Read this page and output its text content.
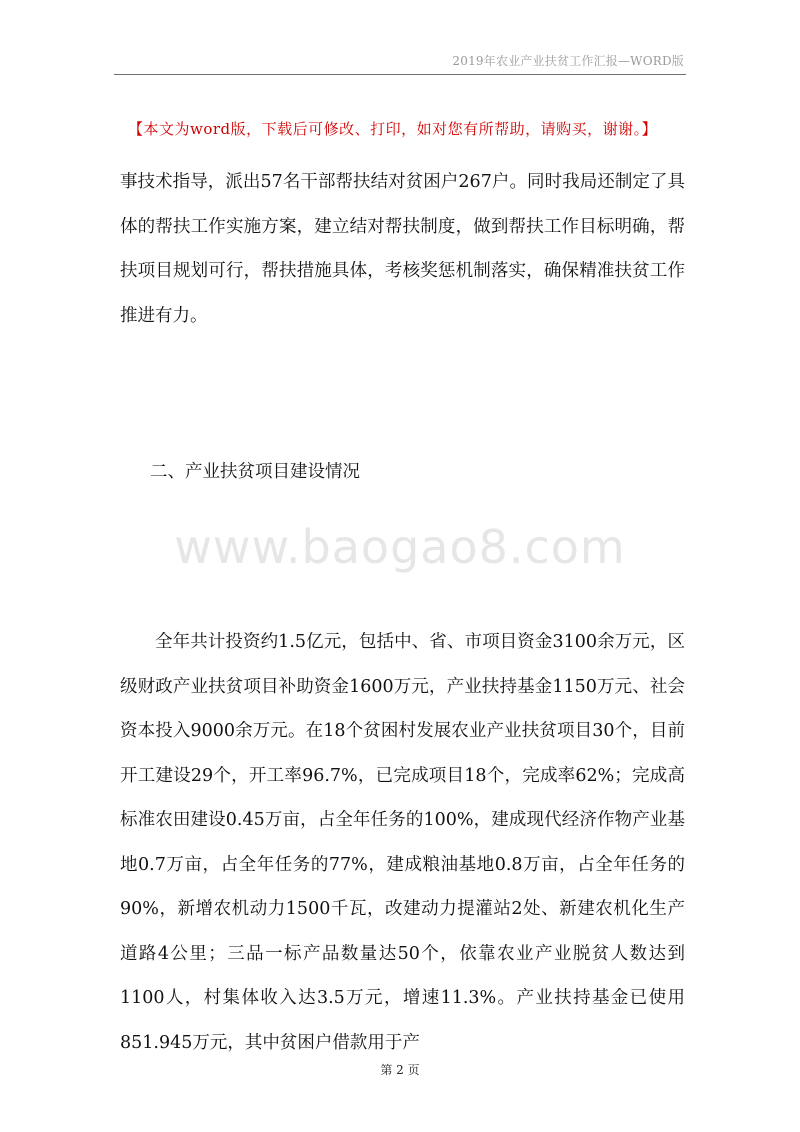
2019年农业产业扶贫工作汇报—WORD版
【本文为word版，下载后可修改、打印，如对您有所帮助，请购买，谢谢。】

事技术指导，派出57名干部帮扶结对贫困户267户。同时我局还制定了具体的帮扶工作实施方案，建立结对帮扶制度，做到帮扶工作目标明确，帮扶项目规划可行，帮扶措施具体，考核奖惩机制落实，确保精准扶贫工作推进有力。

二、产业扶贫项目建设情况
www.baogao8.com

全年共计投资约1.5亿元，包括中、省、市项目资金3100余万元，区级财政产业扶贫项目补助资金1600万元，产业扶持基金1150万元、社会资本投入9000余万元。在18个贫困村发展农业产业扶贫项目30个，目前开工建设29个，开工率96.7%，已完成项目18个，完成率62%；完成高标准农田建设0.45万亩，占全年任务的100%，建成现代经济作物产业基地0.7万亩，占全年任务的77%，建成粮油基地0.8万亩，占全年任务的90%，新增农机动力1500千瓦，改建动力提灌站2处、新建农机化生产道路4公里；三品一标产品数量达50个，依靠农业产业脱贫人数达到1100人，村集体收入达3.5万元，增速11.3%。产业扶持基金已使用851.945万元，其中贫困户借款用于产

第 2 页
